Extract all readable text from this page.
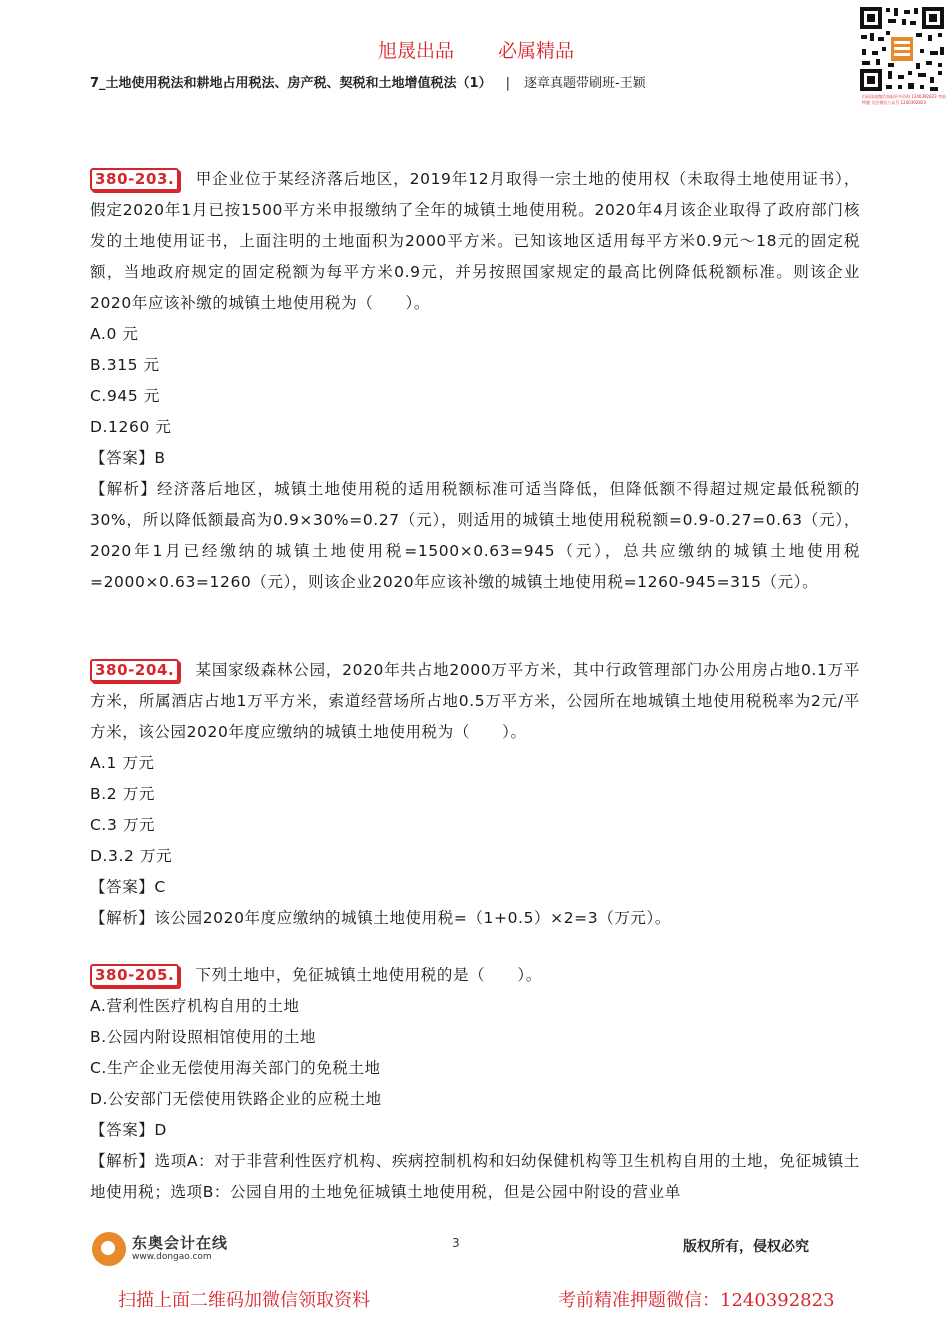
旭晟出品 必属精品
7_土地使用税法和耕地占用税法、房产税、契税和土地增值税法（1） | 逐章真题带刷班-王颖
扫码添加微信获取更多资料 1240392823 考前押题 关注微信公众号 1240392823
380-203. 甲企业位于某经济落后地区，2019年12月取得一宗土地的使用权（未取得土地使用证书），假定2020年1月已按1500平方米申报缴纳了全年的城镇土地使用税。2020年4月该企业取得了政府部门核发的土地使用证书，上面注明的土地面积为2000平方米。已知该地区适用每平方米0.9元～18元的固定税额，当地政府规定的固定税额为每平方米0.9元，并另按照国家规定的最高比例降低税额标准。则该企业2020年应该补缴的城镇土地使用税为（　　）。
A.0 元
B.315 元
C.945 元
D.1260 元
【答案】B
【解析】经济落后地区，城镇土地使用税的适用税额标准可适当降低，但降低额不得超过规定最低税额的30%，所以降低额最高为0.9×30%=0.27（元），则适用的城镇土地使用税税额=0.9-0.27=0.63（元），2020年1月已经缴纳的城镇土地使用税=1500×0.63=945（元），总共应缴纳的城镇土地使用税=2000×0.63=1260（元），则该企业2020年应该补缴的城镇土地使用税=1260-945=315（元）。
380-204. 某国家级森林公园，2020年共占地2000万平方米，其中行政管理部门办公用房占地0.1万平方米，所属酒店占地1万平方米，索道经营场所占地0.5万平方米，公园所在地城镇土地使用税税率为2元/平方米，该公园2020年度应缴纳的城镇土地使用税为（　　）。
A.1 万元
B.2 万元
C.3 万元
D.3.2 万元
【答案】C
【解析】该公园2020年度应缴纳的城镇土地使用税=（1+0.5）×2=3（万元）。
380-205. 下列土地中，免征城镇土地使用税的是（　　）。
A.营利性医疗机构自用的土地
B.公园内附设照相馆使用的土地
C.生产企业无偿使用海关部门的免税土地
D.公安部门无偿使用铁路企业的应税土地
【答案】D
【解析】选项A：对于非营利性医疗机构、疾病控制机构和妇幼保健机构等卫生机构自用的土地，免征城镇土地使用税；选项B：公园自用的土地免征城镇土地使用税，但是公园中附设的营业单
东奥会计在线
www.dongao.com
3	版权所有，侵权必究
扫描上面二维码加微信领取资料	考前精准押题微信：1240392823
